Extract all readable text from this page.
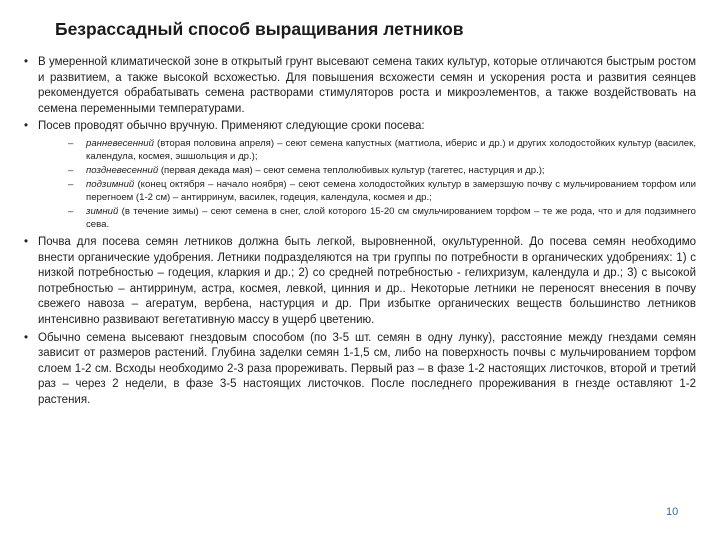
Безрассадный способ выращивания летников
• В умеренной климатической зоне в открытый грунт высевают семена таких культур, которые отличаются быстрым ростом и развитием, а также высокой всхожестью. Для повышения всхожести семян и ускорения роста и развития сеянцев рекомендуется обрабатывать семена растворами стимуляторов роста и микроэлементов, а также воздействовать на семена переменными температурами.
• Посев проводят обычно вручную. Применяют следующие сроки посева:
– ранневесенний (вторая половина апреля) – сеют семена капустных (маттиола, иберис и др.) и других холодостойких культур (василек, календула, космея, эшшольция и др.);
– поздневесенний (первая декада мая) – сеют семена теплолюбивых культур (тагетес, настурция и др.);
– подзимний (конец октября – начало ноября) – сеют семена холодостойких культур в замерзшую почву с мульчированием торфом или перегноем (1-2 см) – антирринум, василек, годеция, календула, космея и др.;
– зимний (в течение зимы) – сеют семена в снег, слой которого 15-20 см смульчированием торфом – те же рода, что и для подзимнего сева.
• Почва для посева семян летников должна быть легкой, выровненной, окультуренной. До посева семян необходимо внести органические удобрения. Летники подразделяются на три группы по потребности в органических удобрениях: 1) с низкой потребностью – годеция, кларкия и др.; 2) со средней потребностью - гелихризум, календула и др.; 3) с высокой потребностью – антирринум, астра, космея, левкой, цинния и др.. Некоторые летники не переносят внесения в почву свежего навоза – агератум, вербена, настурция и др. При избытке органических веществ большинство летников интенсивно развивают вегетативную массу в ущерб цветению.
• Обычно семена высевают гнездовым способом (по 3-5 шт. семян в одну лунку), расстояние между гнездами семян зависит от размеров растений. Глубина заделки семян 1-1,5 см, либо на поверхность почвы с мульчированием торфом слоем 1-2 см. Всходы необходимо 2-3 раза прореживать. Первый раз – в фазе 1-2 настоящих листочков, второй и третий раз – через 2 недели, в фазе 3-5 настоящих листочков. После последнего прореживания в гнезде оставляют 1-2 растения.
10
